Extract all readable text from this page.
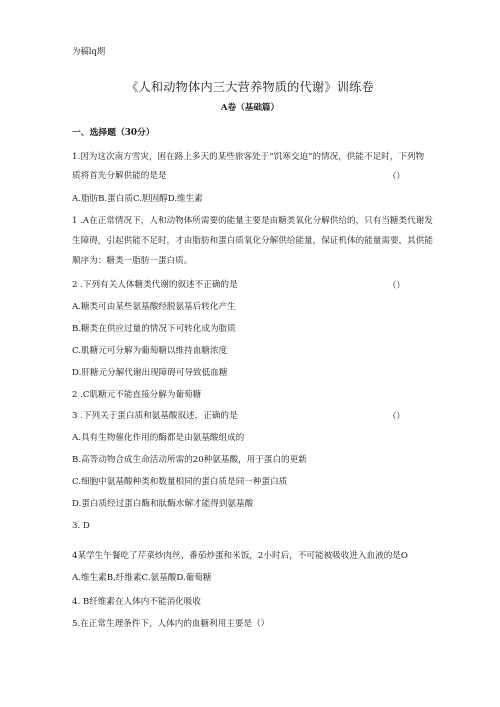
为稿lq期
《人和动物体内三大营养物质的代谢》训练卷
A卷（基础篇）
一、选择题（30分）
1.因为这次南方雪灾，困在路上多天的某些旅客处于“饥寒交迫”的情况，供能不足时，下列物
质将首先分解供能的是是	（）
A.脂肪B.蛋白质C.胆固醇D.维生素
1 .A在正常情况下，人和动物体所需要的能量主要是由糖类氧化分解供给的，只有当糖类代谢发
生障碍，引起供能不足时，才由脂肪和蛋白质氧化分解供给能量，保证机体的能量需要，其供能
顺序为：糖类一脂肪一蛋白质。
2 .下列有关人体糖类代谢的叙述不正确的是	（）
A.糖类可由某些氨基酸经脱氨基后转化产生
B.糖类在供应过量的情况下可转化成为脂质
C.肌糖元可分解为葡萄糖以维持血糖浓度
D.肝糖元分解代谢出现障碍可导致低血糖
2 .C肌糖元不能直接分解为葡萄糖
3 .下列关于蛋白质和氨基酸叙述，正确的是	（）
A.具有生物催化作用的酶都是由氨基酸组成的
B.高等动物合成生命活动所需的20种氨基酸，用于蛋白的更新
C.细胞中氨基酸种类和数量相同的蛋白质是同一种蛋白质
D.蛋白质经过蛋白酶和肽酶水解才能得到氨基酸
3. D
4某学生午餐吃了芹菜炒肉丝、番茄炒蛋和米饭，2小时后，不可能被吸收进入血液的是O
A.维生素B,纤维素C.氨基酸D.葡萄糖
4. B纤维素在人体内不能消化吸收
5.在正常生理条件下，人体内的血糖利用主要是（）
